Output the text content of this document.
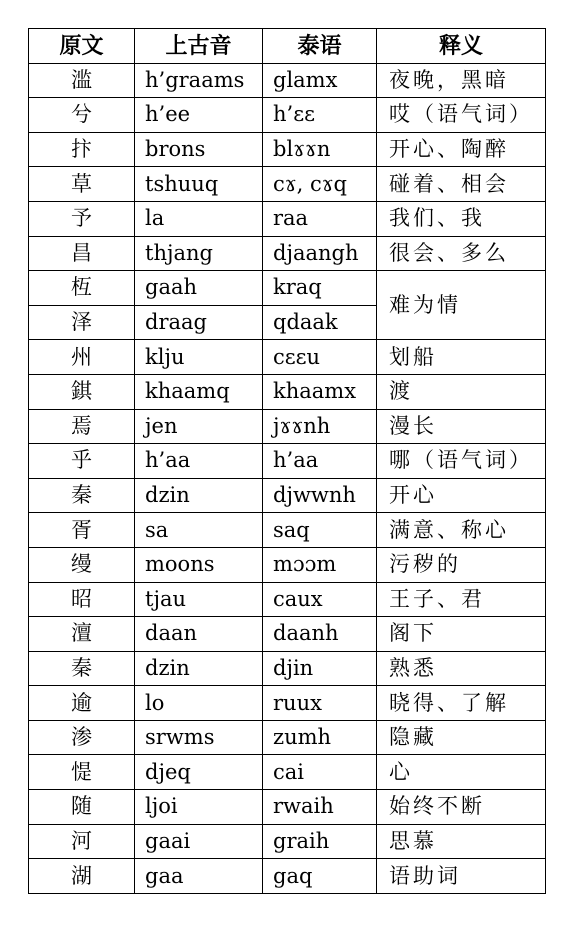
原文	上古音	泰语	释义
滥	h’graams	glamx	夜晚，黑暗
兮	h’ee	h’ɛɛ	哎（语气词）
抃	brons	blɤɤn	开心、陶醉
草	tshuuq	cɤ, cɤq	碰着、相会
予	la	raa	我们、我
昌	thjang	djaangh	很会、多么
枑	gaah	kraq	难为情
泽	draag	qdaak	
州	klju	cɛɛu	划船
錤	khaamq	khaamx	渡
焉	jen	jɤɤnh	漫长
乎	h’aa	h’aa	哪（语气词）
秦	dzin	djwwnh	开心
胥	sa	saq	满意、称心
缦	moons	mɔɔm	污秽的
昭	tjau	caux	王子、君
澶	daan	daanh	阁下
秦	dzin	djin	熟悉
逾	lo	ruux	晓得、了解
渗	srwms	zumh	隐藏
惿	djeq	cai	心
随	ljoi	rwaih	始终不断
河	gaai	graih	思慕
湖	gaa	gaq	语助词
